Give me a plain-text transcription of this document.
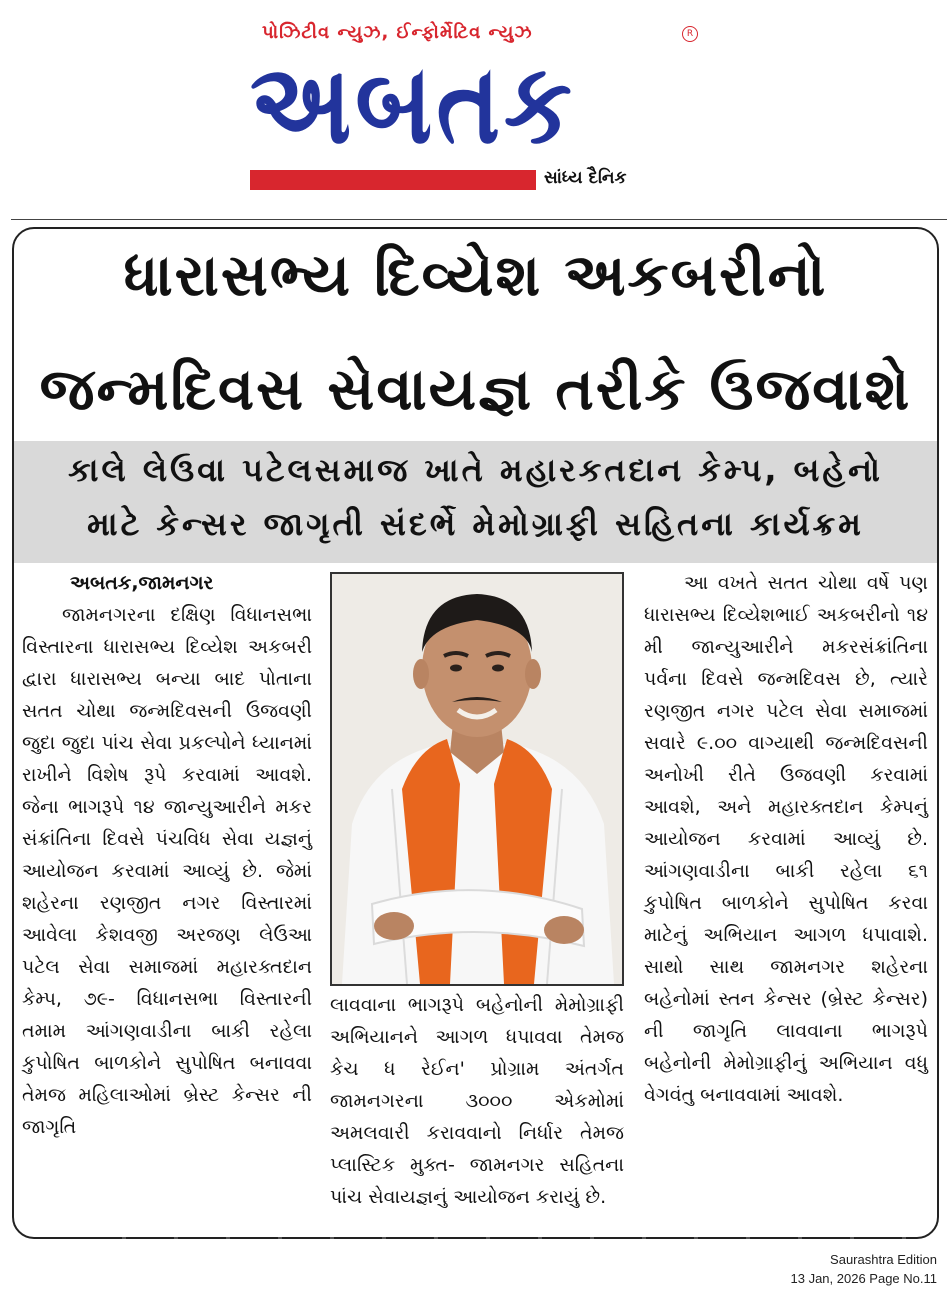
પોઝિટીવ ન્યુઝ, ઈન્ફોર્મેટિવ ન્યુઝ
અબતક
R
સાંધ્ય દૈનિક
ધારાસભ્ય દિવ્યેશ અકબરીનો
જન્મદિવસ સેવાયજ્ઞ તરીકે ઉજવાશે
કાલે લેઉવા પટેલસમાજ ખાતે મહારકતદાન કેમ્પ, બહેનો
માટે કેન્સર જાગૃતી સંદર્ભે મેમોગ્રાફી સહિતના કાર્યક્રમ

અબતક,જામનગર

જામનગરના દક્ષિણ વિધાનસભા વિસ્તારના ધારાસભ્ય દિવ્યેશ અકબરી દ્વારા ધારાસભ્ય બન્યા બાદ પોતાના સતત ચોથા જન્મદિવસની ઉજવણી જુદા જુદા પાંચ સેવા પ્રકલ્પોને ધ્યાનમાં રાખીને વિશેષ રૂપે કરવામાં આવશે. જેના ભાગરૂપે ૧૪ જાન્યુઆરીને મકર સંક્રાંતિના દિવસે પંચવિધ સેવા યજ્ઞનું આયોજન કરવામાં આવ્યું છે. જેમાં શહેરના રણજીત નગર વિસ્તારમાં આવેલા કેશવજી અરજણ લેઉઆ પટેલ સેવા સમાજમાં મહારક્તદાન કેમ્પ, ૭૯- વિધાનસભા વિસ્તારની તમામ આંગણવાડીના બાકી રહેલા કુપોષિત બાળકોને સુપોષિત બનાવવા તેમજ મહિલાઓમાં બ્રેસ્ટ કેન્સર ની જાગૃતિ

લાવવાના ભાગરૂપે બહેનોની મેમોગ્રાફી અભિયાનને આગળ ધપાવવા તેમજ કેચ ધ રેઈન' પ્રોગ્રામ અંતર્ગત જામનગરના ૩૦૦૦ એકમોમાં અમલવારી કરાવવાનો નિર્ધાર તેમજ પ્લાસ્ટિક મુક્ત- જામનગર સહિતના પાંચ સેવાયજ્ઞનું આયોજન કરાયું છે.

આ વખતે સતત ચોથા વર્ષે પણ ધારાસભ્ય દિવ્યેશભાઈ અકબરીનો ૧૪ મી જાન્યુઆરીને મકરસંક્રાંતિના પર્વના દિવસે જન્મદિવસ છે, ત્યારે રણજીત નગર પટેલ સેવા સમાજમાં સવારે ૯.૦૦ વાગ્યાથી જન્મદિવસની અનોખી રીતે ઉજવણી કરવામાં આવશે, અને મહારક્તદાન કેમ્પનું આયોજન કરવામાં આવ્યું છે. આંગણવાડીના બાકી રહેલા ૬૧ કુપોષિત બાળકોને સુપોષિત કરવા માટેનું અભિયાન આગળ ધપાવાશે. સાથો સાથ જામનગર શહેરના બહેનોમાં સ્તન કેન્સર (બ્રેસ્ટ કેન્સર) ની જાગૃતિ લાવવાના ભાગરૂપે બહેનોની મેમોગ્રાફીનું અભિયાન વધુ વેગવંતુ બનાવવામાં આવશે.

Saurashtra Edition
13 Jan, 2026 Page No.11
